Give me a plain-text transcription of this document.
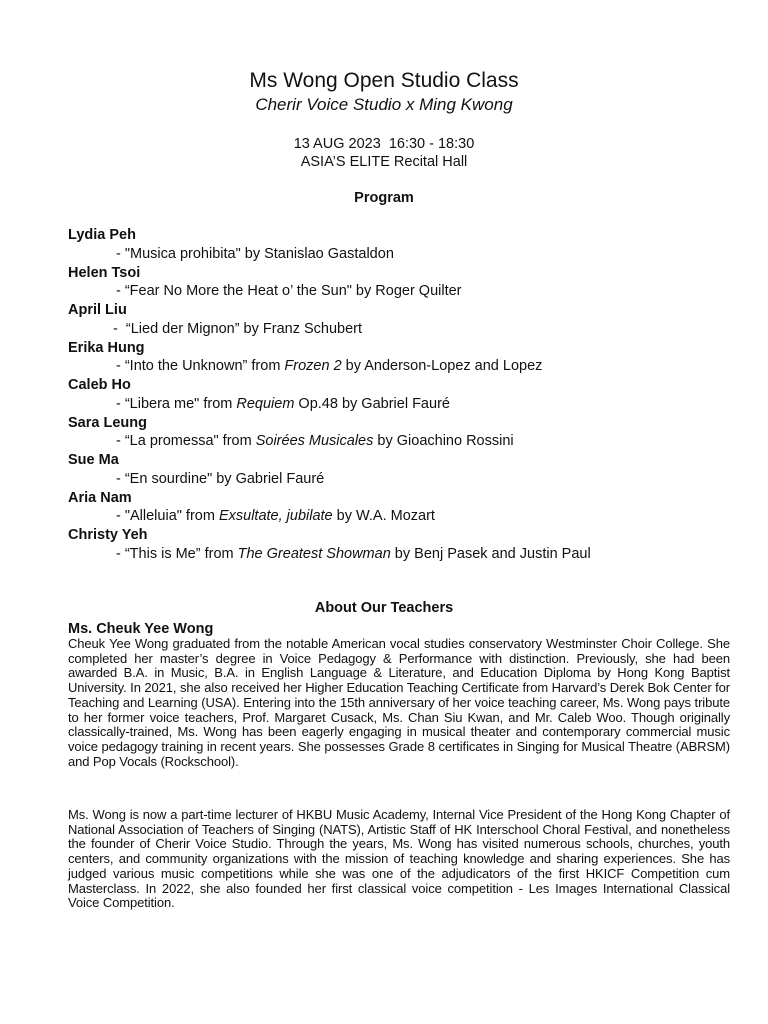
Ms Wong Open Studio Class
Cherir Voice Studio x Ming Kwong
13 AUG 2023  16:30 - 18:30
ASIA’S ELITE Recital Hall
Program
Lydia Peh
- "Musica prohibita" by Stanislao Gastaldon
Helen Tsoi
- “Fear No More the Heat o’ the Sun" by Roger Quilter
April Liu
-  “Lied der Mignon” by Franz Schubert
Erika Hung
- “Into the Unknown” from Frozen 2 by Anderson-Lopez and Lopez
Caleb Ho
- “Libera me" from Requiem Op.48 by Gabriel Fauré
Sara Leung
- “La promessa" from Soirées Musicales by Gioachino Rossini
Sue Ma
- “En sourdine" by Gabriel Fauré
Aria Nam
- "Alleluia" from Exsultate, jubilate by W.A. Mozart
Christy Yeh
- “This is Me” from The Greatest Showman by Benj Pasek and Justin Paul
About Our Teachers
Ms. Cheuk Yee Wong
Cheuk Yee Wong graduated from the notable American vocal studies conservatory Westminster Choir College. She completed her master’s degree in Voice Pedagogy & Performance with distinction. Previously, she had been awarded B.A. in Music, B.A. in English Language & Literature, and Education Diploma by Hong Kong Baptist University. In 2021, she also received her Higher Education Teaching Certificate from Harvard’s Derek Bok Center for Teaching and Learning (USA). Entering into the 15th anniversary of her voice teaching career, Ms. Wong pays tribute to her former voice teachers, Prof. Margaret Cusack, Ms. Chan Siu Kwan, and Mr. Caleb Woo. Though originally classically-trained, Ms. Wong has been eagerly engaging in musical theater and contemporary commercial music voice pedagogy training in recent years. She possesses Grade 8 certificates in Singing for Musical Theatre (ABRSM) and Pop Vocals (Rockschool).
Ms. Wong is now a part-time lecturer of HKBU Music Academy, Internal Vice President of the Hong Kong Chapter of National Association of Teachers of Singing (NATS), Artistic Staff of HK Interschool Choral Festival, and nonetheless the founder of Cherir Voice Studio. Through the years, Ms. Wong has visited numerous schools, churches, youth centers, and community organizations with the mission of teaching knowledge and sharing experiences. She has judged various music competitions while she was one of the adjudicators of the first HKICF Competition cum Masterclass. In 2022, she also founded her first classical voice competition - Les Images International Classical Voice Competition.
